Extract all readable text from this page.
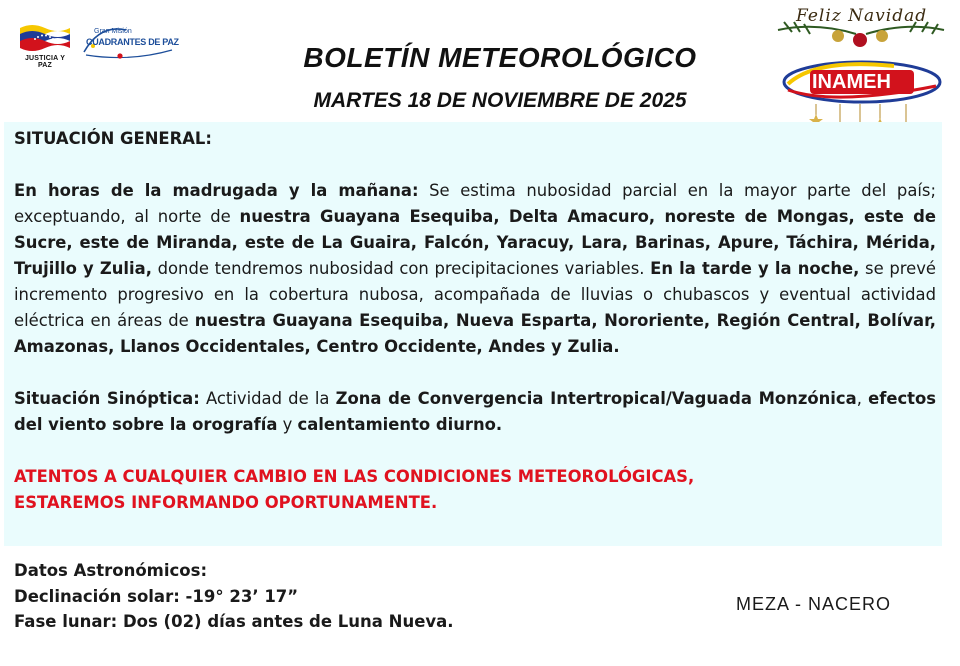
JUSTICIA Y PAZ
Gran Misión
CUADRANTES DE PAZ	BOLETÍN METEOROLÓGICO
MARTES 18 DE NOVIEMBRE DE 2025
Feliz Navidad
INAMEH

SITUACIÓN GENERAL:

En horas de la madrugada y la mañana: Se estima nubosidad parcial en la mayor parte del país; exceptuando, al norte de nuestra Guayana Esequiba, Delta Amacuro, noreste de Mongas, este de Sucre, este de Miranda, este de La Guaira, Falcón, Yaracuy, Lara, Barinas, Apure, Táchira, Mérida, Trujillo y Zulia, donde tendremos nubosidad con precipitaciones variables. En la tarde y la noche, se prevé incremento progresivo en la cobertura nubosa, acompañada de lluvias o chubascos y eventual actividad eléctrica en áreas de nuestra Guayana Esequiba, Nueva Esparta, Nororiente, Región Central, Bolívar, Amazonas, Llanos Occidentales, Centro Occidente, Andes y Zulia.

Situación Sinóptica: Actividad de la Zona de Convergencia Intertropical/Vaguada Monzónica, efectos del viento sobre la orografía y calentamiento diurno.

ATENTOS A CUALQUIER CAMBIO EN LAS CONDICIONES METEOROLÓGICAS,

ESTAREMOS INFORMANDO OPORTUNAMENTE.

Datos Astronómicos:
Declinación solar: -19° 23’ 17”
Fase lunar: Dos (02) días antes de Luna Nueva.
MEZA - NACERO
